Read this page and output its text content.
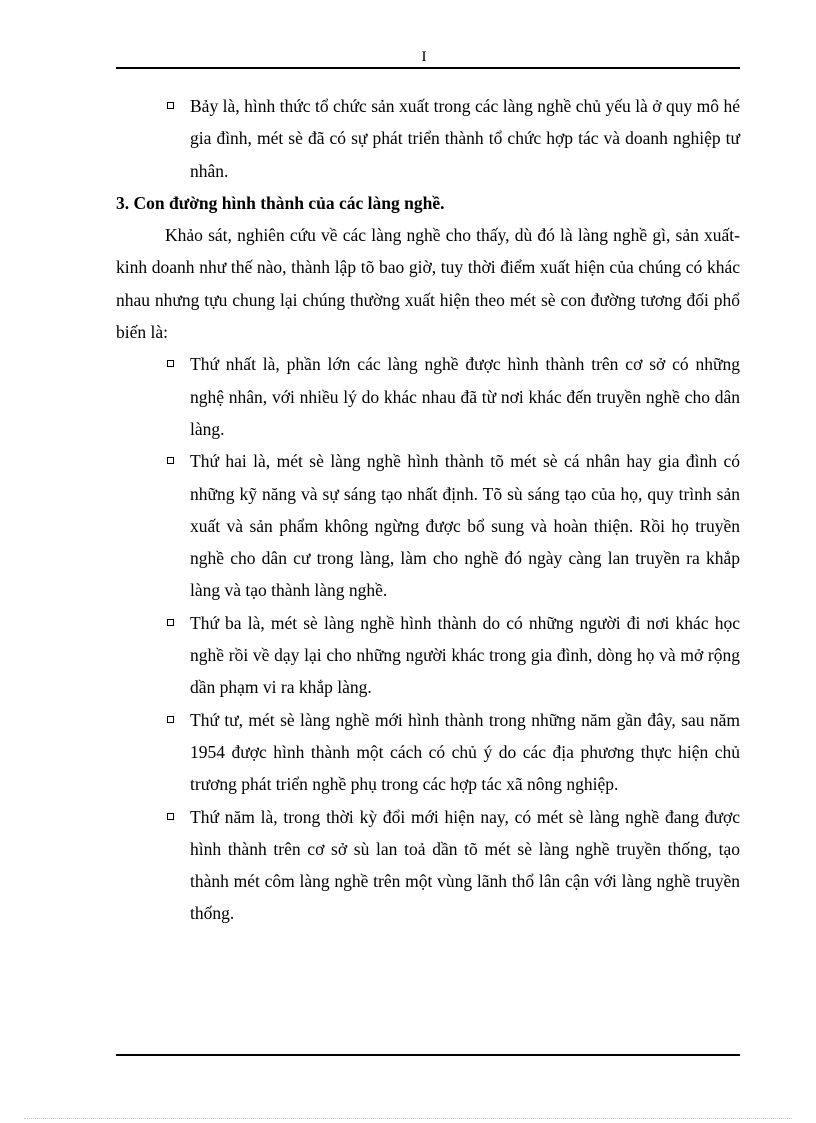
I
Bảy là, hình thức tổ chức sản xuất trong các làng nghề chủ yếu là ở quy mô hé gia đình, mét sè đã có sự phát triển thành tổ chức hợp tác và doanh nghiệp tư nhân.
3. Con đường hình thành của các làng nghề.
Khảo sát, nghiên cứu về các làng nghề cho thấy, dù đó là làng nghề gì, sản xuất- kinh doanh như thế nào, thành lập tõ bao giờ, tuy thời điểm xuất hiện của chúng có khác nhau nhưng tựu chung lại chúng thường xuất hiện theo mét sè con đường tương đối phổ biến là:
Thứ nhất là, phần lớn các làng nghề được hình thành trên cơ sở có những nghệ nhân, với nhiều lý do khác nhau đã từ nơi khác đến truyền nghề cho dân làng.
Thứ hai là, mét sè làng nghề hình thành tõ mét sè cá nhân hay gia đình có những kỹ năng và sự sáng tạo nhất định. Tõ sù sáng tạo của họ, quy trình sản xuất và sản phẩm không ngừng được bổ sung và hoàn thiện. Rồi họ truyền nghề cho dân cư trong làng, làm cho nghề đó ngày càng lan truyền ra khắp làng và tạo thành làng nghề.
Thứ ba là, mét sè làng nghề hình thành do có những người đi nơi khác học nghề rồi về dạy lại cho những người khác trong gia đình, dòng họ và mở rộng dần phạm vi ra khắp làng.
Thứ tư, mét sè làng nghề mới hình thành trong những năm gần đây, sau năm 1954 được hình thành một cách có chủ ý do các địa phương thực hiện chủ trương phát triển nghề phụ trong các hợp tác xã nông nghiệp.
Thứ năm là, trong thời kỳ đổi mới hiện nay, có mét sè làng nghề đang được hình thành trên cơ sở sù lan toả dần tõ mét sè làng nghề truyền thống, tạo thành mét côm làng nghề trên một vùng lãnh thổ lân cận với làng nghề truyền thống.
